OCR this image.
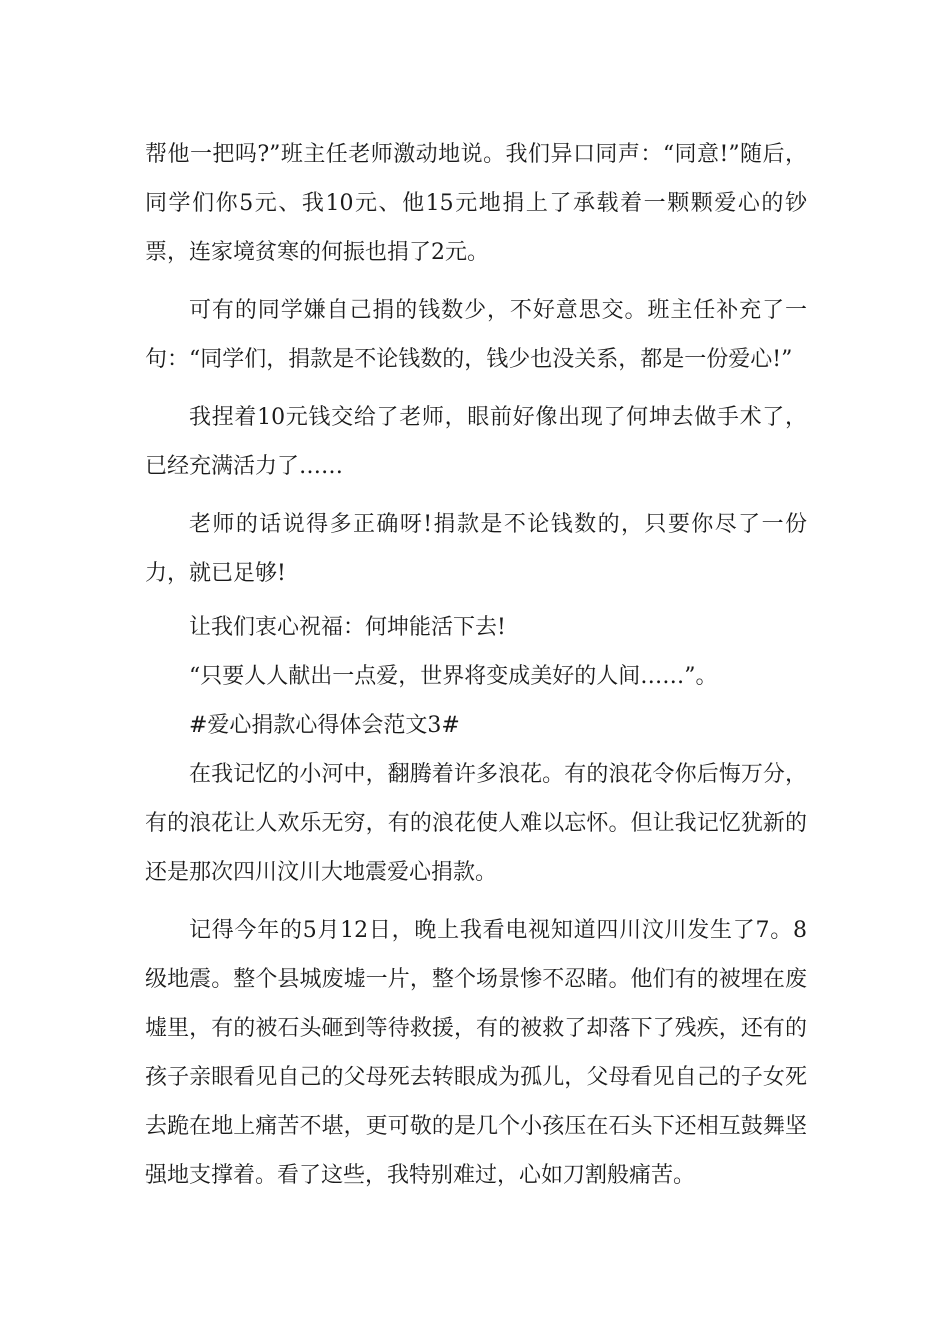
帮他一把吗?”班主任老师激动地说。我们异口同声：“同意!”随后，同学们你5元、我10元、他15元地捐上了承载着一颗颗爱心的钞票，连家境贫寒的何振也捐了2元。

可有的同学嫌自己捐的钱数少，不好意思交。班主任补充了一句：“同学们，捐款是不论钱数的，钱少也没关系，都是一份爱心!”

我捏着10元钱交给了老师，眼前好像出现了何坤去做手术了，已经充满活力了……

老师的话说得多正确呀!捐款是不论钱数的，只要你尽了一份力，就已足够!

让我们衷心祝福：何坤能活下去!

“只要人人献出一点爱，世界将变成美好的人间……”。

#爱心捐款心得体会范文3#

在我记忆的小河中，翻腾着许多浪花。有的浪花令你后悔万分，有的浪花让人欢乐无穷，有的浪花使人难以忘怀。但让我记忆犹新的还是那次四川汶川大地震爱心捐款。

记得今年的5月12日，晚上我看电视知道四川汶川发生了7。8级地震。整个县城废墟一片，整个场景惨不忍睹。他们有的被埋在废墟里，有的被石头砸到等待救援，有的被救了却落下了残疾，还有的孩子亲眼看见自己的父母死去转眼成为孤儿，父母看见自己的子女死去跪在地上痛苦不堪，更可敬的是几个小孩压在石头下还相互鼓舞坚强地支撑着。看了这些，我特别难过，心如刀割般痛苦。
